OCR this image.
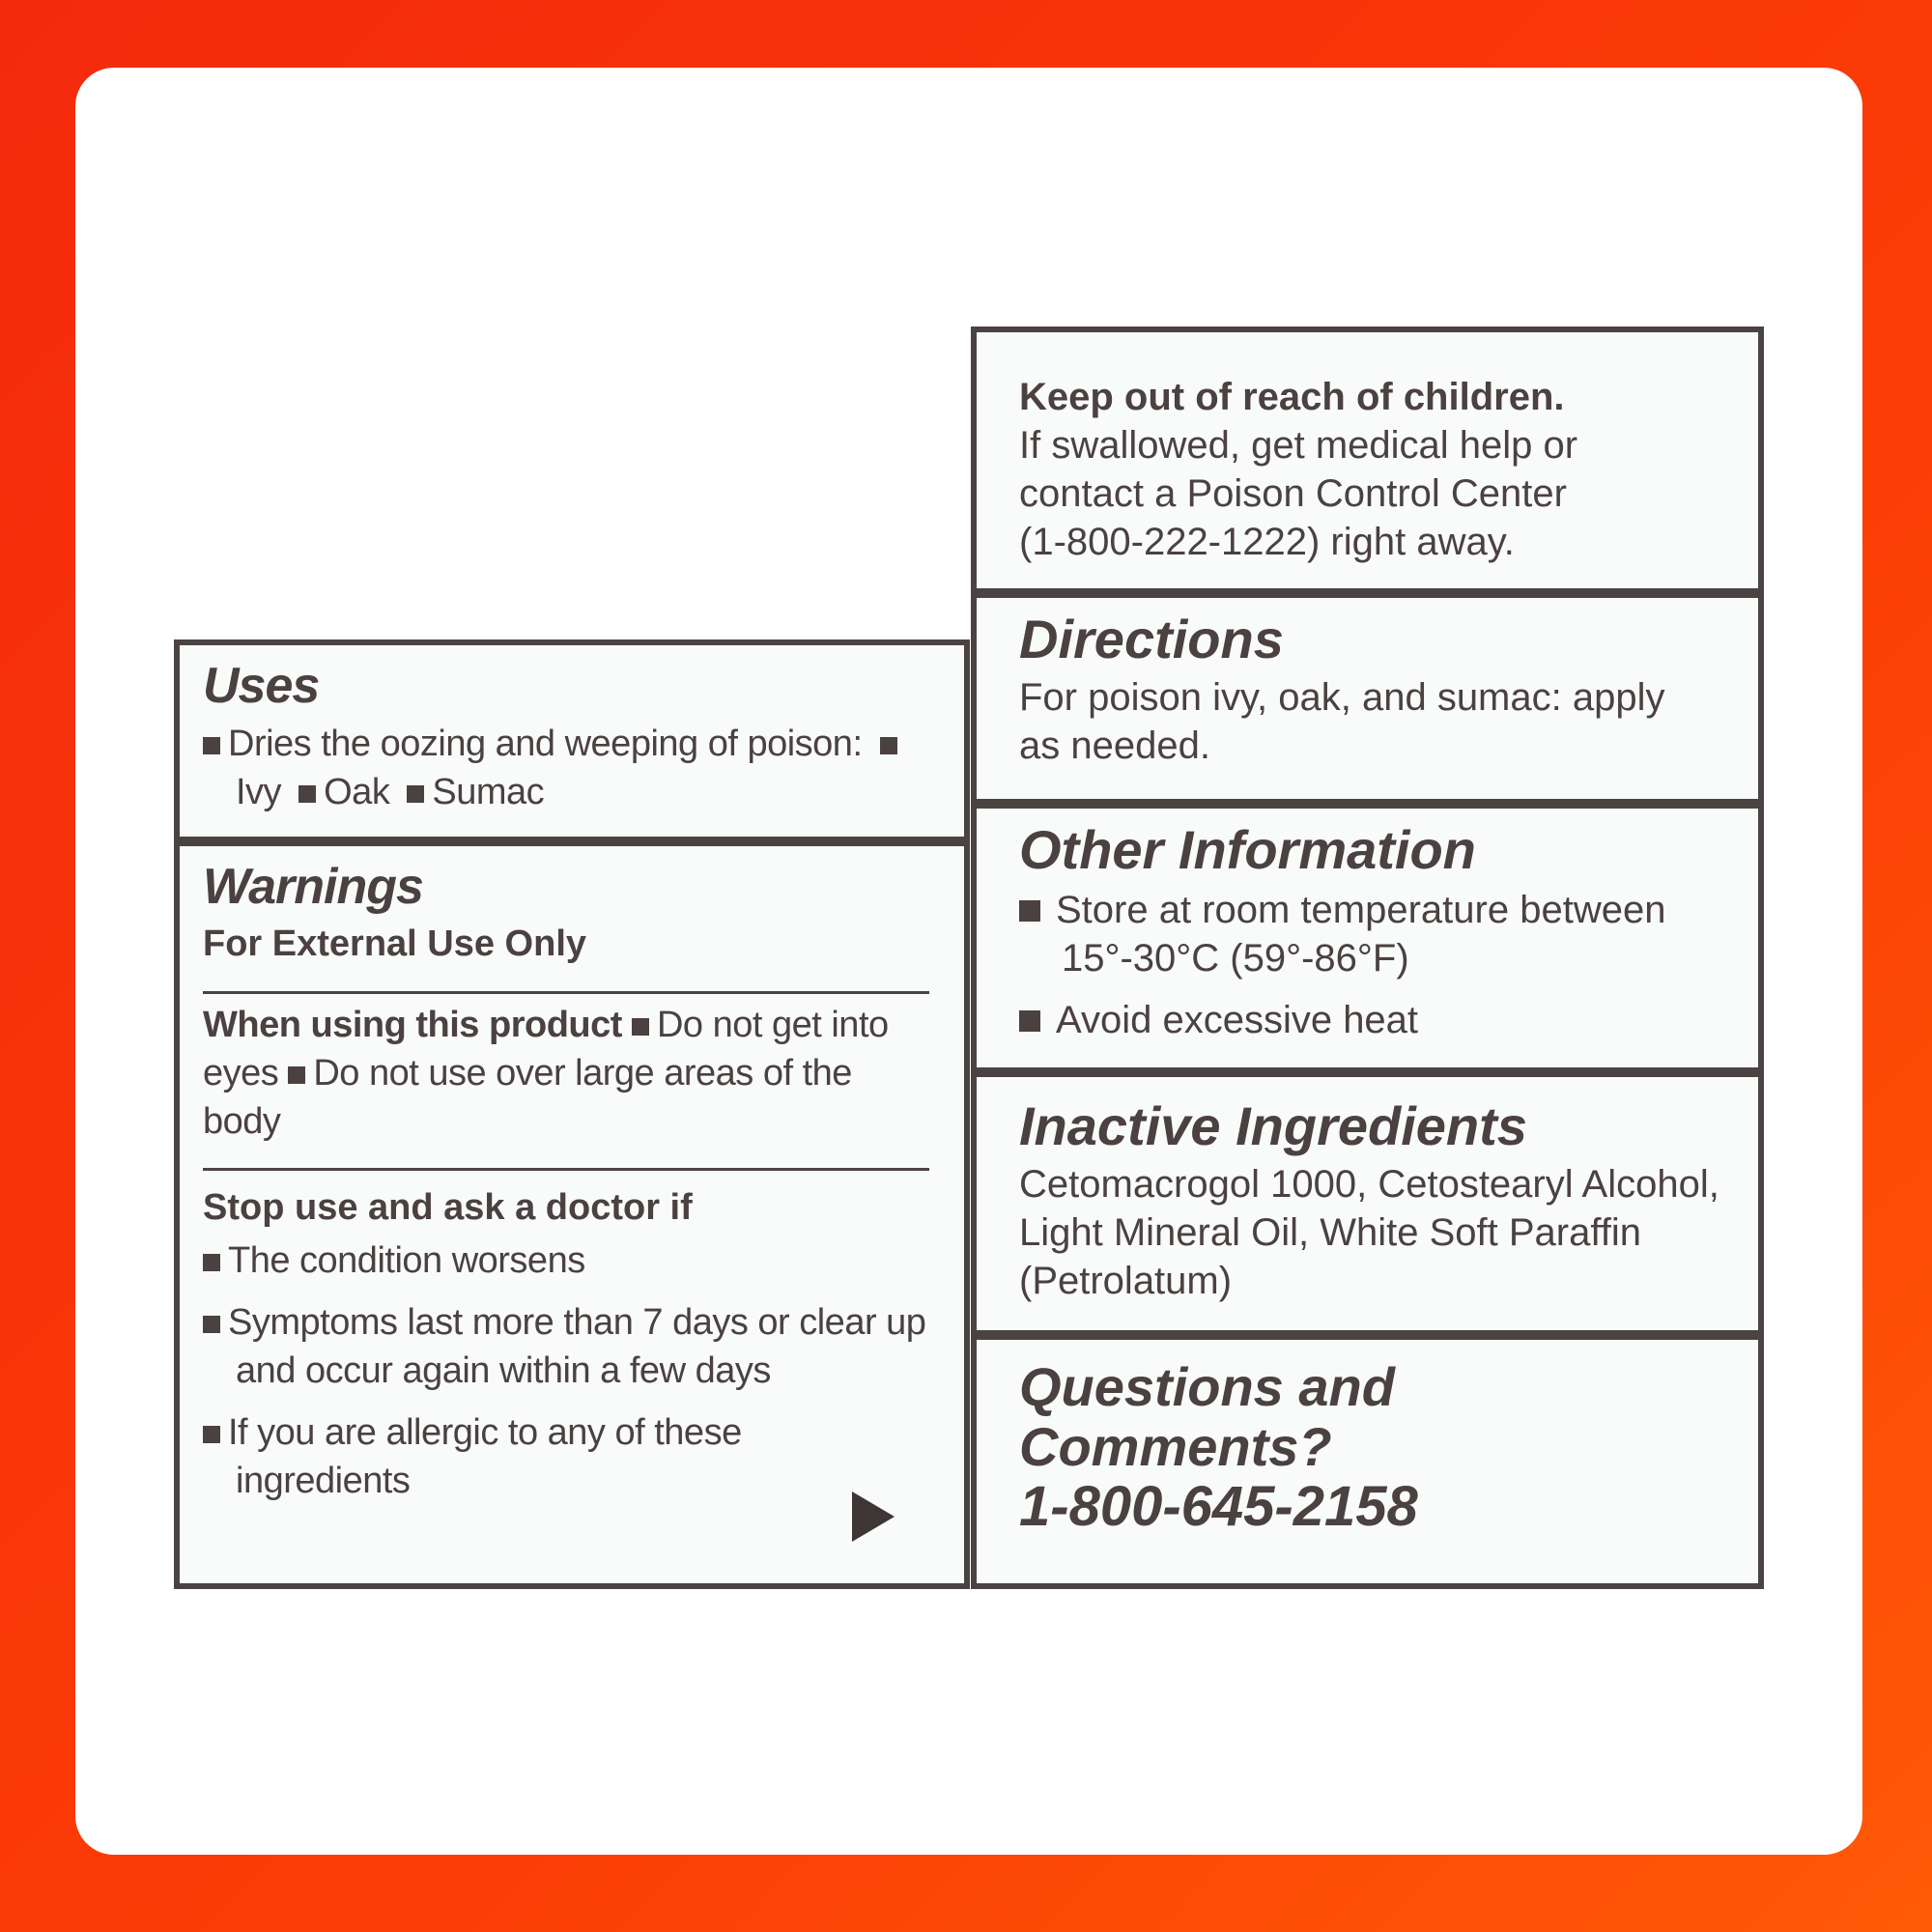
Uses
Dries the oozing and weeping of poison: Ivy Oak Sumac
Warnings
For External Use Only
When using this product Do not get into eyes Do not use over large areas of the body
Stop use and ask a doctor if
The condition worsens
Symptoms last more than 7 days or clear up and occur again within a few days
If you are allergic to any of these ingredients
Keep out of reach of children.
If swallowed, get medical help or
contact a Poison Control Center
(1-800-222-1222) right away.
Directions
For poison ivy, oak, and sumac: apply as needed.
Other Information
Store at room temperature between 15°-30°C (59°-86°F)
Avoid excessive heat
Inactive Ingredients
Cetomacrogol 1000, Cetostearyl Alcohol, Light Mineral Oil, White Soft Paraffin (Petrolatum)
Questions and Comments?
1-800-645-2158
